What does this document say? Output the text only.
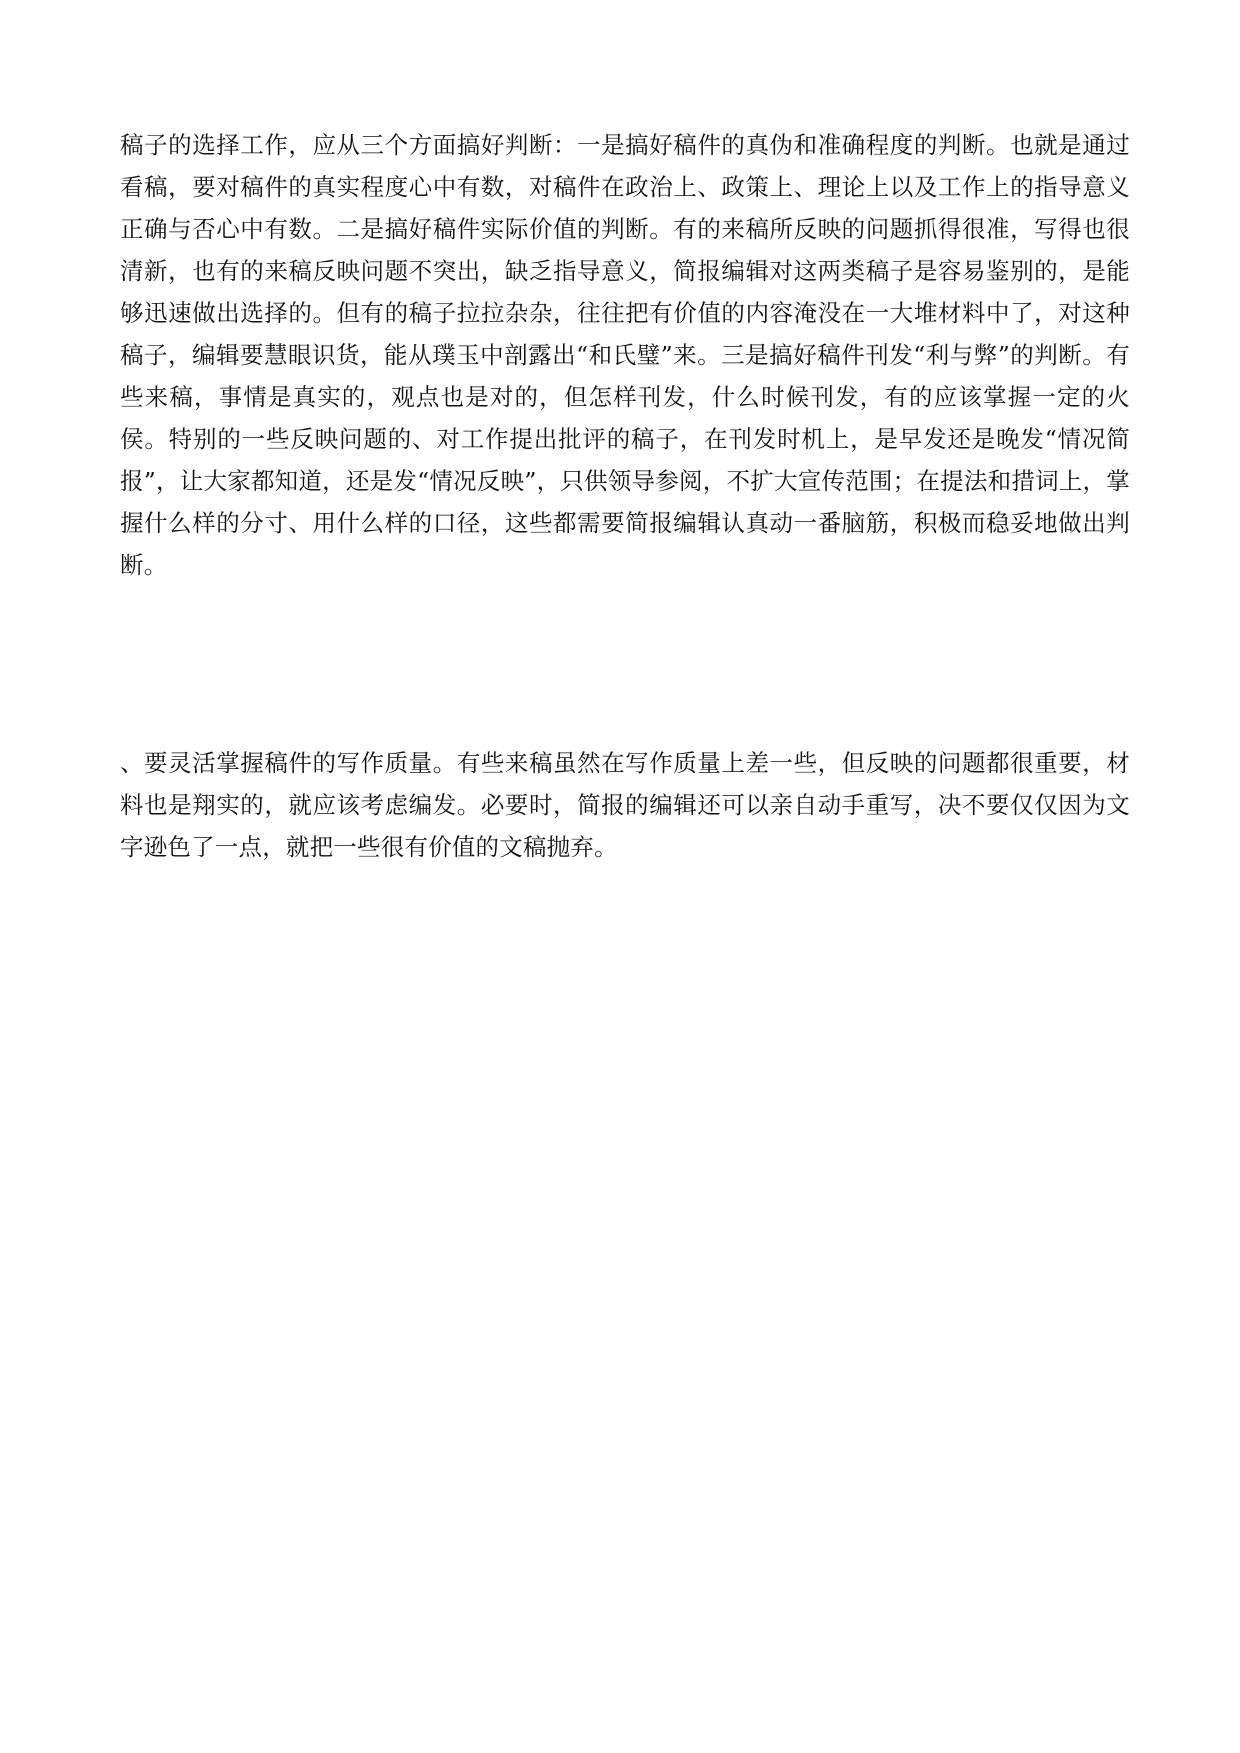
稿子的选择工作，应从三个方面搞好判断：一是搞好稿件的真伪和准确程度的判断。也就是通过看稿，要对稿件的真实程度心中有数，对稿件在政治上、政策上、理论上以及工作上的指导意义正确与否心中有数。二是搞好稿件实际价值的判断。有的来稿所反映的问题抓得很准，写得也很清新，也有的来稿反映问题不突出，缺乏指导意义，简报编辑对这两类稿子是容易鉴别的，是能够迅速做出选择的。但有的稿子拉拉杂杂，往往把有价值的内容淹没在一大堆材料中了，对这种稿子，编辑要慧眼识货，能从璞玉中剖露出“和氏璧”来。三是搞好稿件刊发“利与弊”的判断。有些来稿，事情是真实的，观点也是对的，但怎样刊发，什么时候刊发，有的应该掌握一定的火侯。特别的一些反映问题的、对工作提出批评的稿子，在刊发时机上，是早发还是晚发“情况简报”，让大家都知道，还是发“情况反映”，只供领导参阅，不扩大宣传范围；在提法和措词上，掌握什么样的分寸、用什么样的口径，这些都需要简报编辑认真动一番脑筋，积极而稳妥地做出判断。

、要灵活掌握稿件的写作质量。有些来稿虽然在写作质量上差一些，但反映的问题都很重要，材料也是翔实的，就应该考虑编发。必要时，简报的编辑还可以亲自动手重写，决不要仅仅因为文字逊色了一点，就把一些很有价值的文稿抛弃。
